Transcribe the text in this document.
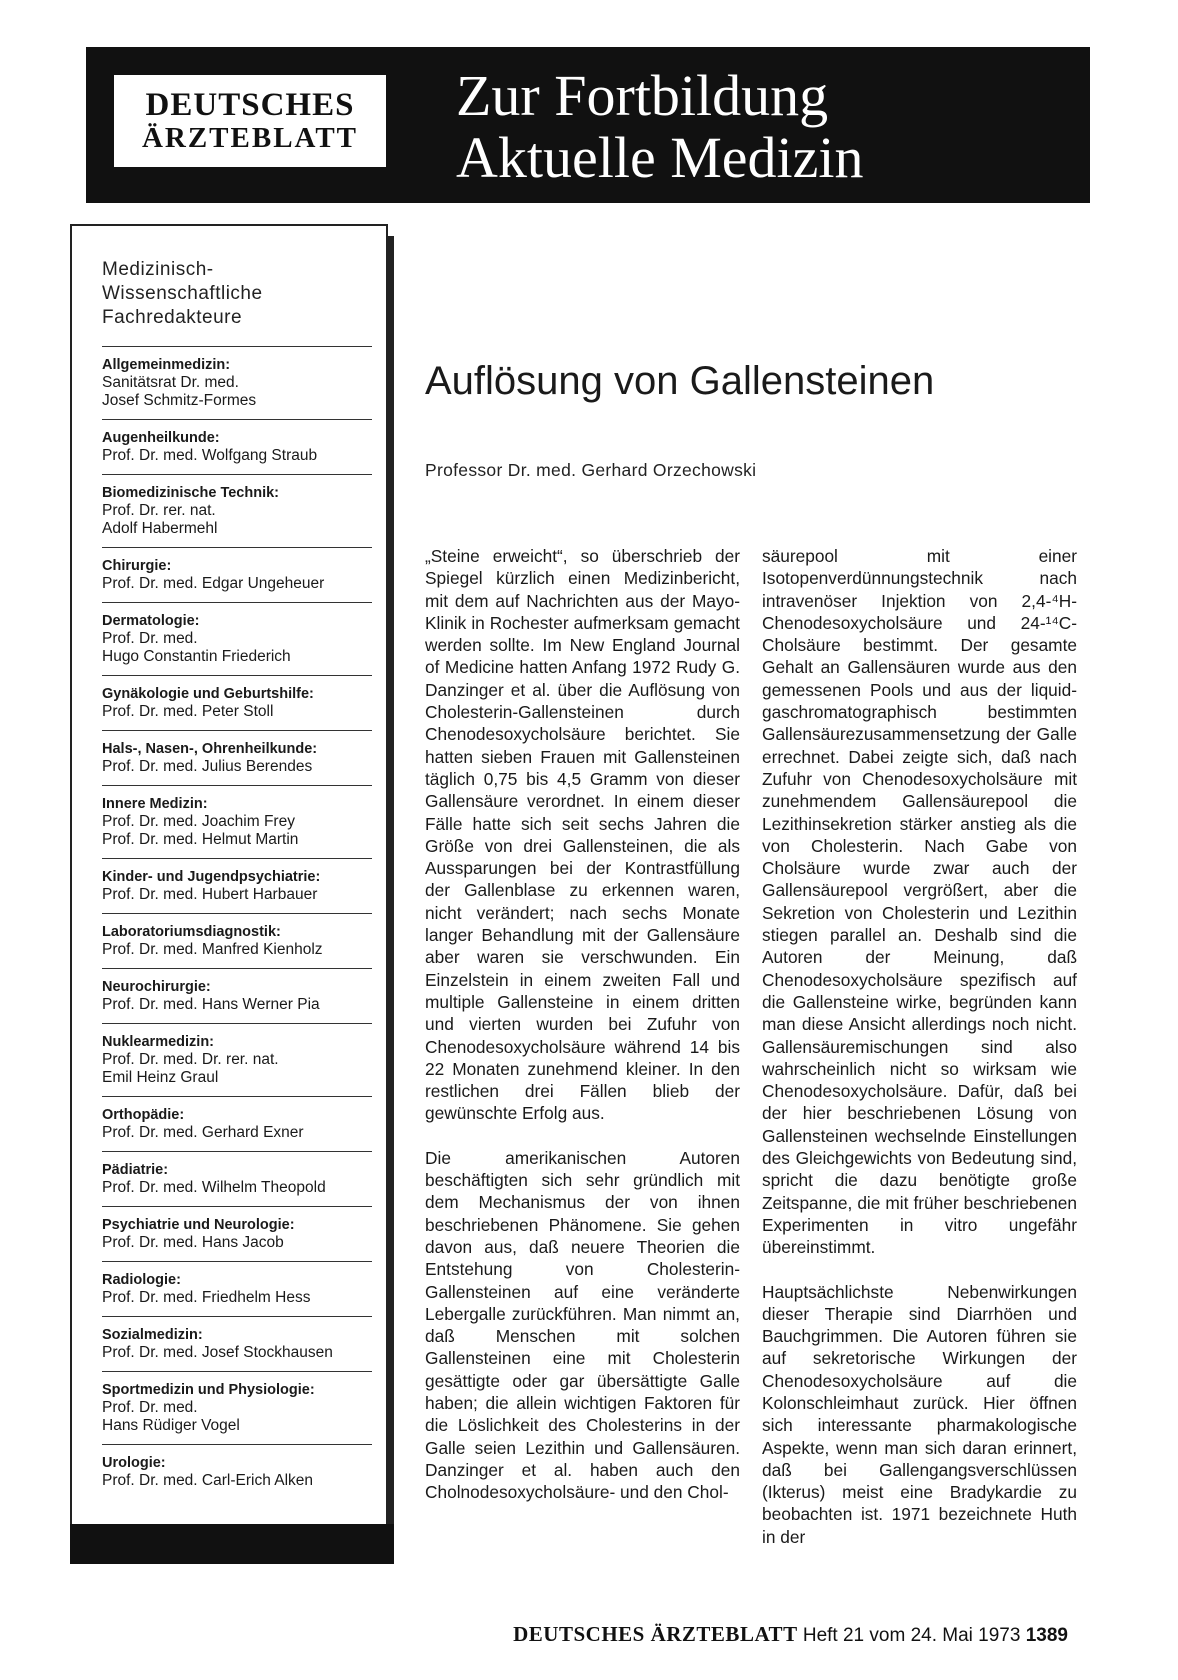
DEUTSCHES
ÄRZTEBLATT
Zur Fortbildung
Aktuelle Medizin
Medizinisch-
Wissenschaftliche
Fachredakteure
Allgemeinmedizin:
Sanitätsrat Dr. med.
Josef Schmitz-Formes
Augenheilkunde:
Prof. Dr. med. Wolfgang Straub
Biomedizinische Technik:
Prof. Dr. rer. nat.
Adolf Habermehl
Chirurgie:
Prof. Dr. med. Edgar Ungeheuer
Dermatologie:
Prof. Dr. med.
Hugo Constantin Friederich
Gynäkologie und Geburtshilfe:
Prof. Dr. med. Peter Stoll
Hals-, Nasen-, Ohrenheilkunde:
Prof. Dr. med. Julius Berendes
Innere Medizin:
Prof. Dr. med. Joachim Frey
Prof. Dr. med. Helmut Martin
Kinder- und Jugendpsychiatrie:
Prof. Dr. med. Hubert Harbauer
Laboratoriumsdiagnostik:
Prof. Dr. med. Manfred Kienholz
Neurochirurgie:
Prof. Dr. med. Hans Werner Pia
Nuklearmedizin:
Prof. Dr. med. Dr. rer. nat.
Emil Heinz Graul
Orthopädie:
Prof. Dr. med. Gerhard Exner
Pädiatrie:
Prof. Dr. med. Wilhelm Theopold
Psychiatrie und Neurologie:
Prof. Dr. med. Hans Jacob
Radiologie:
Prof. Dr. med. Friedhelm Hess
Sozialmedizin:
Prof. Dr. med. Josef Stockhausen
Sportmedizin und Physiologie:
Prof. Dr. med.
Hans Rüdiger Vogel
Urologie:
Prof. Dr. med. Carl-Erich Alken
Auflösung von Gallensteinen
Professor Dr. med. Gerhard Orzechowski

„Steine erweicht“, so überschrieb der Spiegel kürzlich einen Medizinbericht, mit dem auf Nachrichten aus der Mayo-Klinik in Rochester aufmerksam gemacht werden sollte. Im New England Journal of Medicine hatten Anfang 1972 Rudy G. Danzinger et al. über die Auflösung von Cholesterin-Gallensteinen durch Chenodesoxycholsäure berichtet. Sie hatten sieben Frauen mit Gallensteinen täglich 0,75 bis 4,5 Gramm von dieser Gallensäure verordnet. In einem dieser Fälle hatte sich seit sechs Jahren die Größe von drei Gallensteinen, die als Aussparungen bei der Kontrastfüllung der Gallenblase zu erkennen waren, nicht verändert; nach sechs Monate langer Behandlung mit der Gallensäure aber waren sie verschwunden. Ein Einzelstein in einem zweiten Fall und multiple Gallensteine in einem dritten und vierten wurden bei Zufuhr von Chenodesoxycholsäure während 14 bis 22 Monaten zunehmend kleiner. In den restlichen drei Fällen blieb der gewünschte Erfolg aus.

Die amerikanischen Autoren beschäftigten sich sehr gründlich mit dem Mechanismus der von ihnen beschriebenen Phänomene. Sie gehen davon aus, daß neuere Theorien die Entstehung von Cholesterin-Gallensteinen auf eine veränderte Lebergalle zurückführen. Man nimmt an, daß Menschen mit solchen Gallensteinen eine mit Cholesterin gesättigte oder gar übersättigte Galle haben; die allein wichtigen Faktoren für die Löslichkeit des Cholesterins in der Galle seien Lezithin und Gallensäuren. Danzinger et al. haben auch den Cholnodesoxycholsäure- und den Chol-

säurepool mit einer Isotopenverdünnungstechnik nach intravenöser Injektion von 2,4-⁴H-Chenodesoxycholsäure und 24-¹⁴C-Cholsäure bestimmt. Der gesamte Gehalt an Gallensäuren wurde aus den gemessenen Pools und aus der liquid-gaschromatographisch bestimmten Gallensäurezusammensetzung der Galle errechnet. Dabei zeigte sich, daß nach Zufuhr von Chenodesoxycholsäure mit zunehmendem Gallensäurepool die Lezithinsekretion stärker anstieg als die von Cholesterin. Nach Gabe von Cholsäure wurde zwar auch der Gallensäurepool vergrößert, aber die Sekretion von Cholesterin und Lezithin stiegen parallel an. Deshalb sind die Autoren der Meinung, daß Chenodesoxycholsäure spezifisch auf die Gallensteine wirke, begründen kann man diese Ansicht allerdings noch nicht. Gallensäuremischungen sind also wahrscheinlich nicht so wirksam wie Chenodesoxycholsäure. Dafür, daß bei der hier beschriebenen Lösung von Gallensteinen wechselnde Einstellungen des Gleichgewichts von Bedeutung sind, spricht die dazu benötigte große Zeitspanne, die mit früher beschriebenen Experimenten in vitro ungefähr übereinstimmt.

Hauptsächlichste Nebenwirkungen dieser Therapie sind Diarrhöen und Bauchgrimmen. Die Autoren führen sie auf sekretorische Wirkungen der Chenodesoxycholsäure auf die Kolonschleimhaut zurück. Hier öffnen sich interessante pharmakologische Aspekte, wenn man sich daran erinnert, daß bei Gallengangsverschlüssen (Ikterus) meist eine Bradykardie zu beobachten ist. 1971 bezeichnete Huth in der

DEUTSCHES ÄRZTEBLATT Heft 21 vom 24. Mai 1973 1389
